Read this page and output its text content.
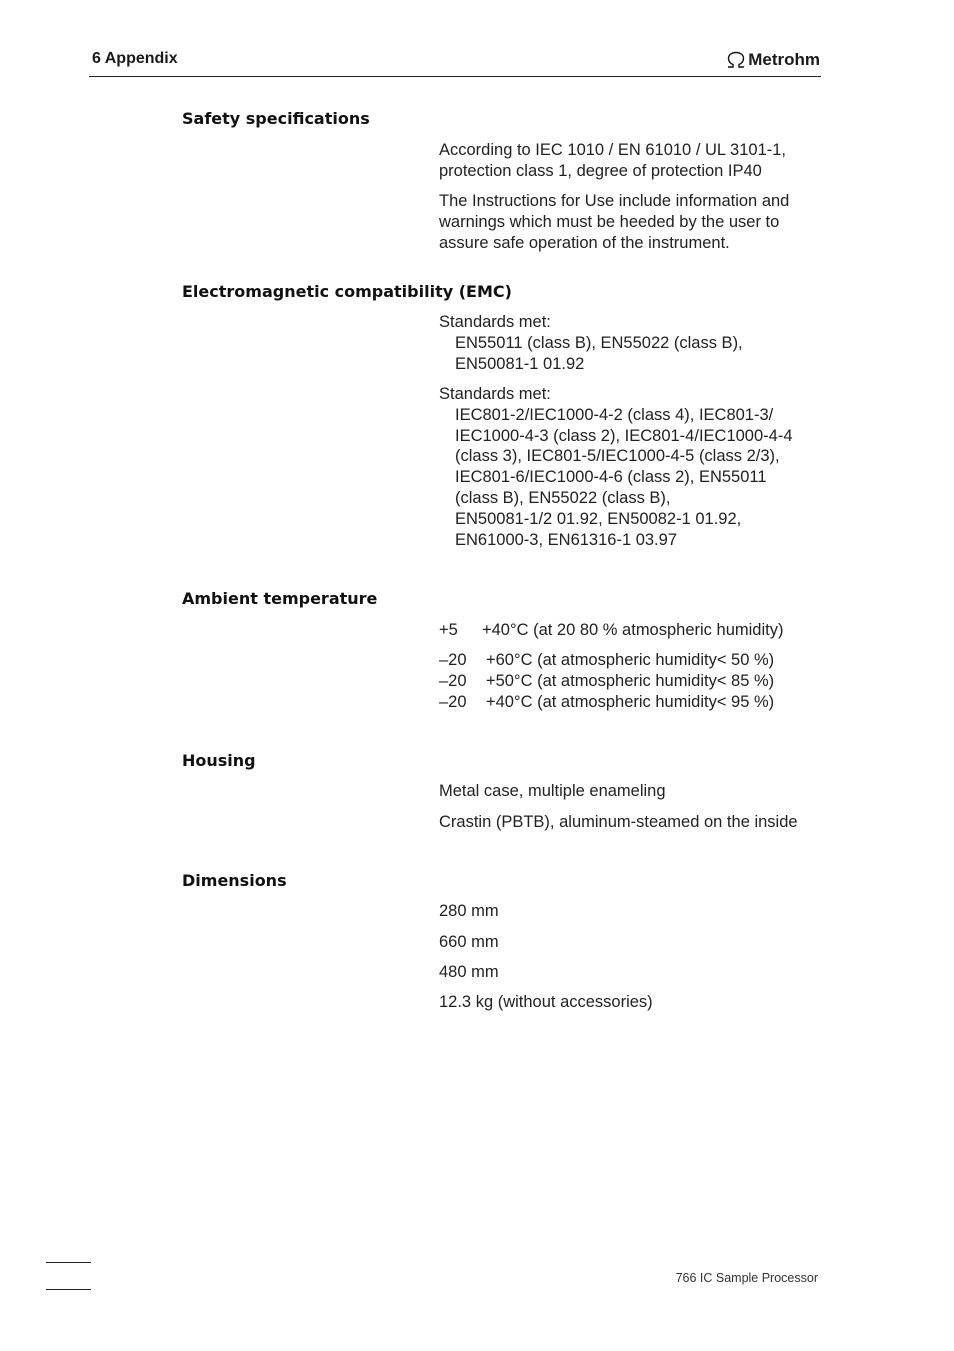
6 Appendix	Metrohm
Safety specifications
According to IEC 1010 / EN 61010 / UL 3101-1,
protection class 1, degree of protection IP40
The Instructions for Use include information and
warnings which must be heeded by the user to
assure safe operation of the instrument.
Electromagnetic compatibility (EMC)
Standards met:
EN55011 (class B), EN55022 (class B),
EN50081-1 01.92
Standards met:
IEC801-2/IEC1000-4-2 (class 4), IEC801-3/
IEC1000-4-3 (class 2), IEC801-4/IEC1000-4-4
(class 3), IEC801-5/IEC1000-4-5 (class 2/3),
IEC801-6/IEC1000-4-6 (class 2), EN55011
(class B), EN55022 (class B),
EN50081-1/2 01.92, EN50082-1 01.92,
EN61000-3, EN61316-1 03.97
Ambient temperature
+5 +40°C (at 20 80 % atmospheric humidity)
–20 +60°C (at atmospheric humidity< 50 %)
–20 +50°C (at atmospheric humidity< 85 %)
–20 +40°C (at atmospheric humidity< 95 %)
Housing
Metal case, multiple enameling
Crastin (PBTB), aluminum-steamed on the inside
Dimensions
280 mm
660 mm
480 mm
12.3 kg (without accessories)
766 IC Sample Processor
